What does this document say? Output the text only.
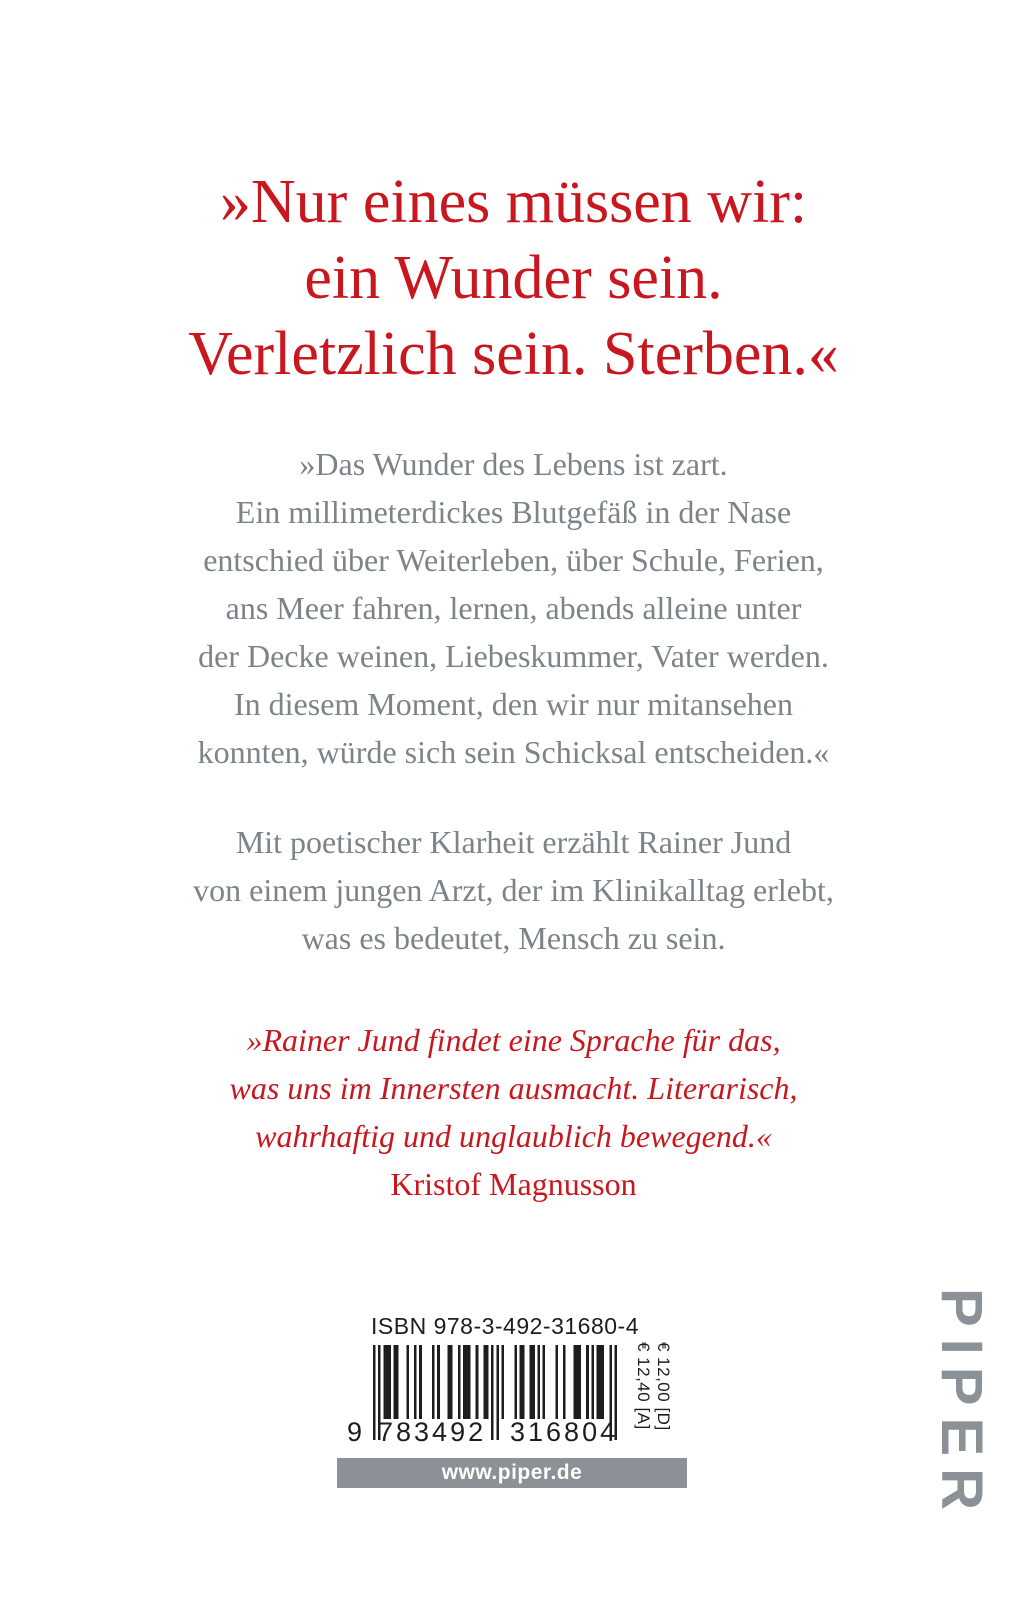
»Nur eines müssen wir:
ein Wunder sein.
Verletzlich sein. Sterben.«
»Das Wunder des Lebens ist zart.
Ein millimeterdickes Blutgefäß in der Nase
entschied über Weiterleben, über Schule, Ferien,
ans Meer fahren, lernen, abends alleine unter
der Decke weinen, Liebeskummer, Vater werden.
In diesem Moment, den wir nur mitansehen
konnten, würde sich sein Schicksal entscheiden.«
Mit poetischer Klarheit erzählt Rainer Jund
von einem jungen Arzt, der im Klinikalltag erlebt,
was es bedeutet, Mensch zu sein.
»Rainer Jund findet eine Sprache für das,
was uns im Innersten ausmacht. Literarisch,
wahrhaftig und unglaublich bewegend.«
Kristof Magnusson
ISBN 978-3-492-31680-4
9 783492 316804
€ 12,00 [D]
€ 12,40 [A]
www.piper.de	PIPER
